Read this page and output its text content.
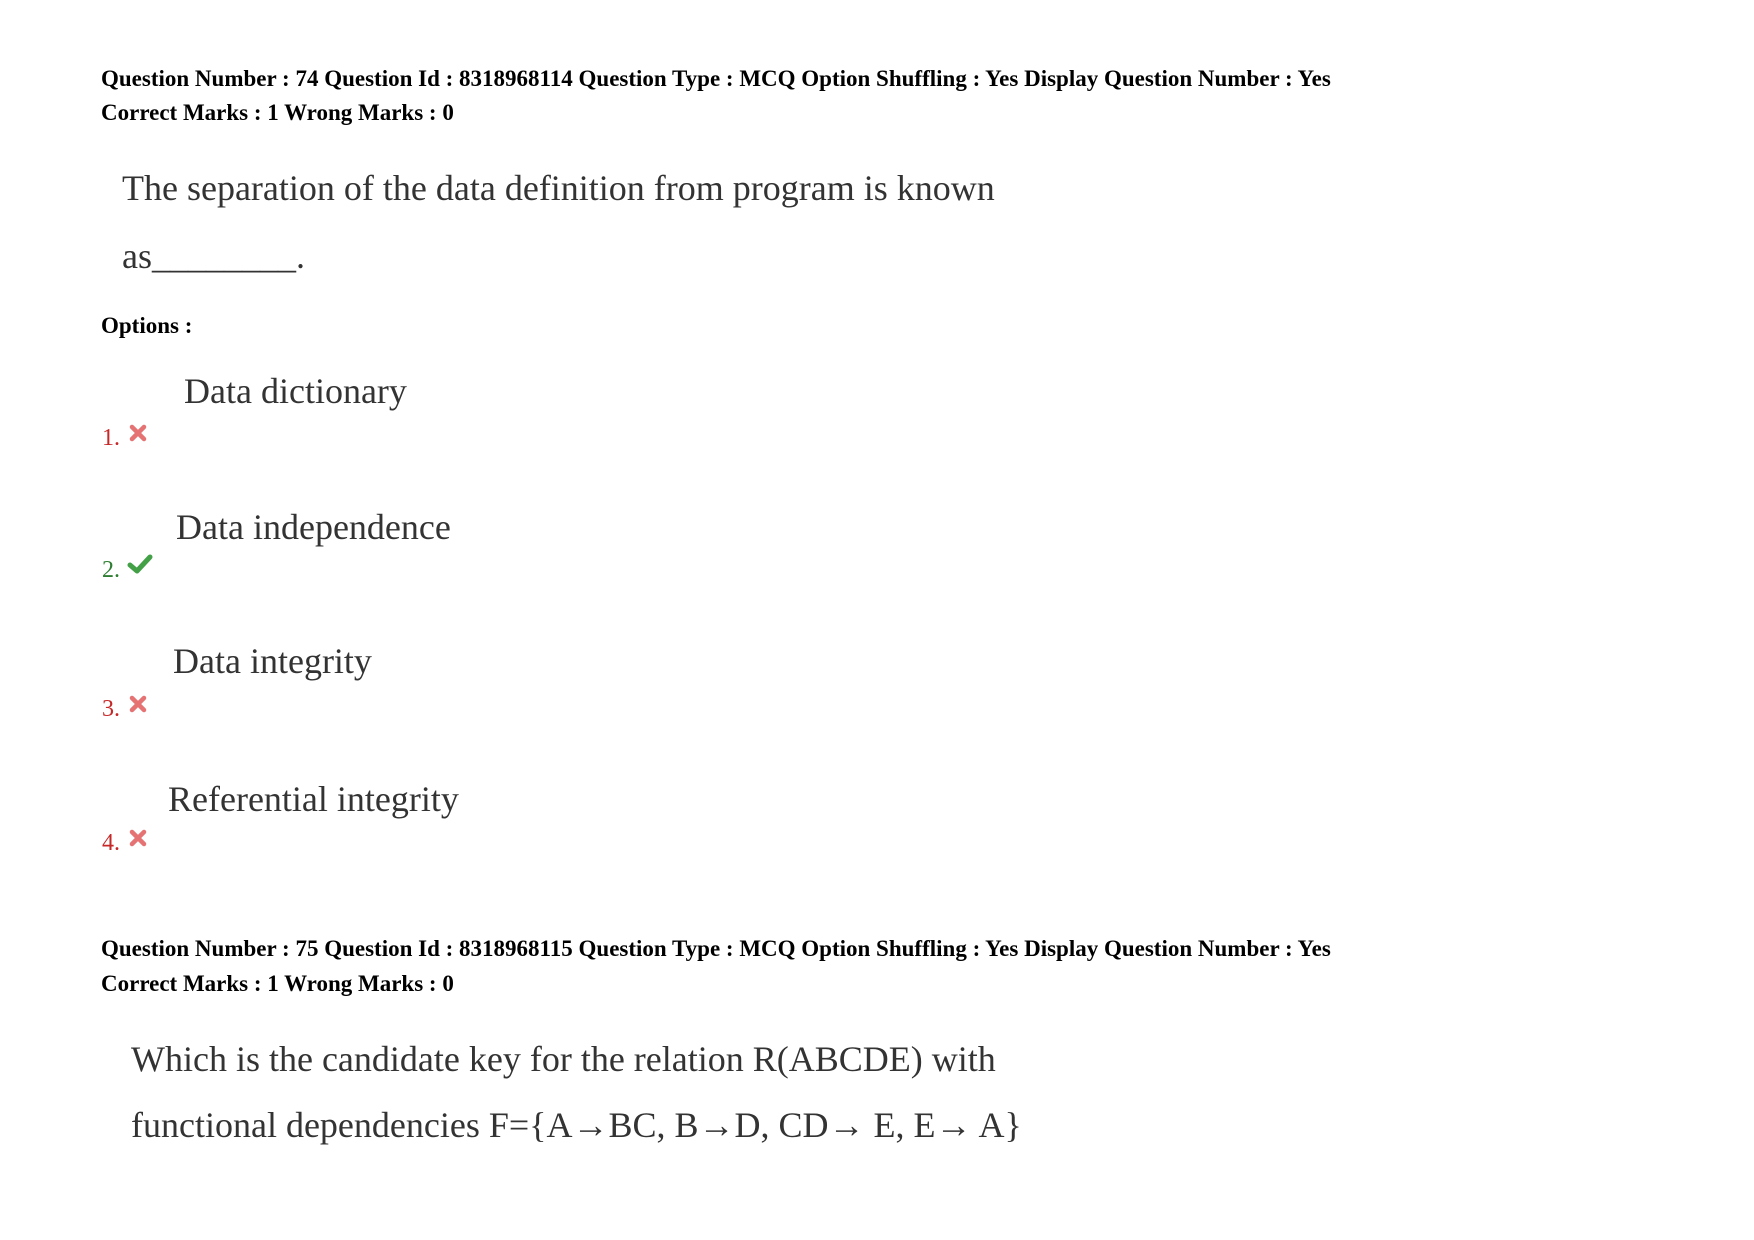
Question Number : 74 Question Id : 8318968114 Question Type : MCQ Option Shuffling : Yes Display Question Number : Yes
Correct Marks : 1 Wrong Marks : 0
The separation of the data definition from program is known
as________.
Options :
Data dictionary
1.
Data independence
2.
Data integrity
3.
Referential integrity
4.
Question Number : 75 Question Id : 8318968115 Question Type : MCQ Option Shuffling : Yes Display Question Number : Yes
Correct Marks : 1 Wrong Marks : 0
Which is the candidate key for the relation R(ABCDE) with
functional dependencies F={A→BC, B→D, CD→ E, E→ A}
